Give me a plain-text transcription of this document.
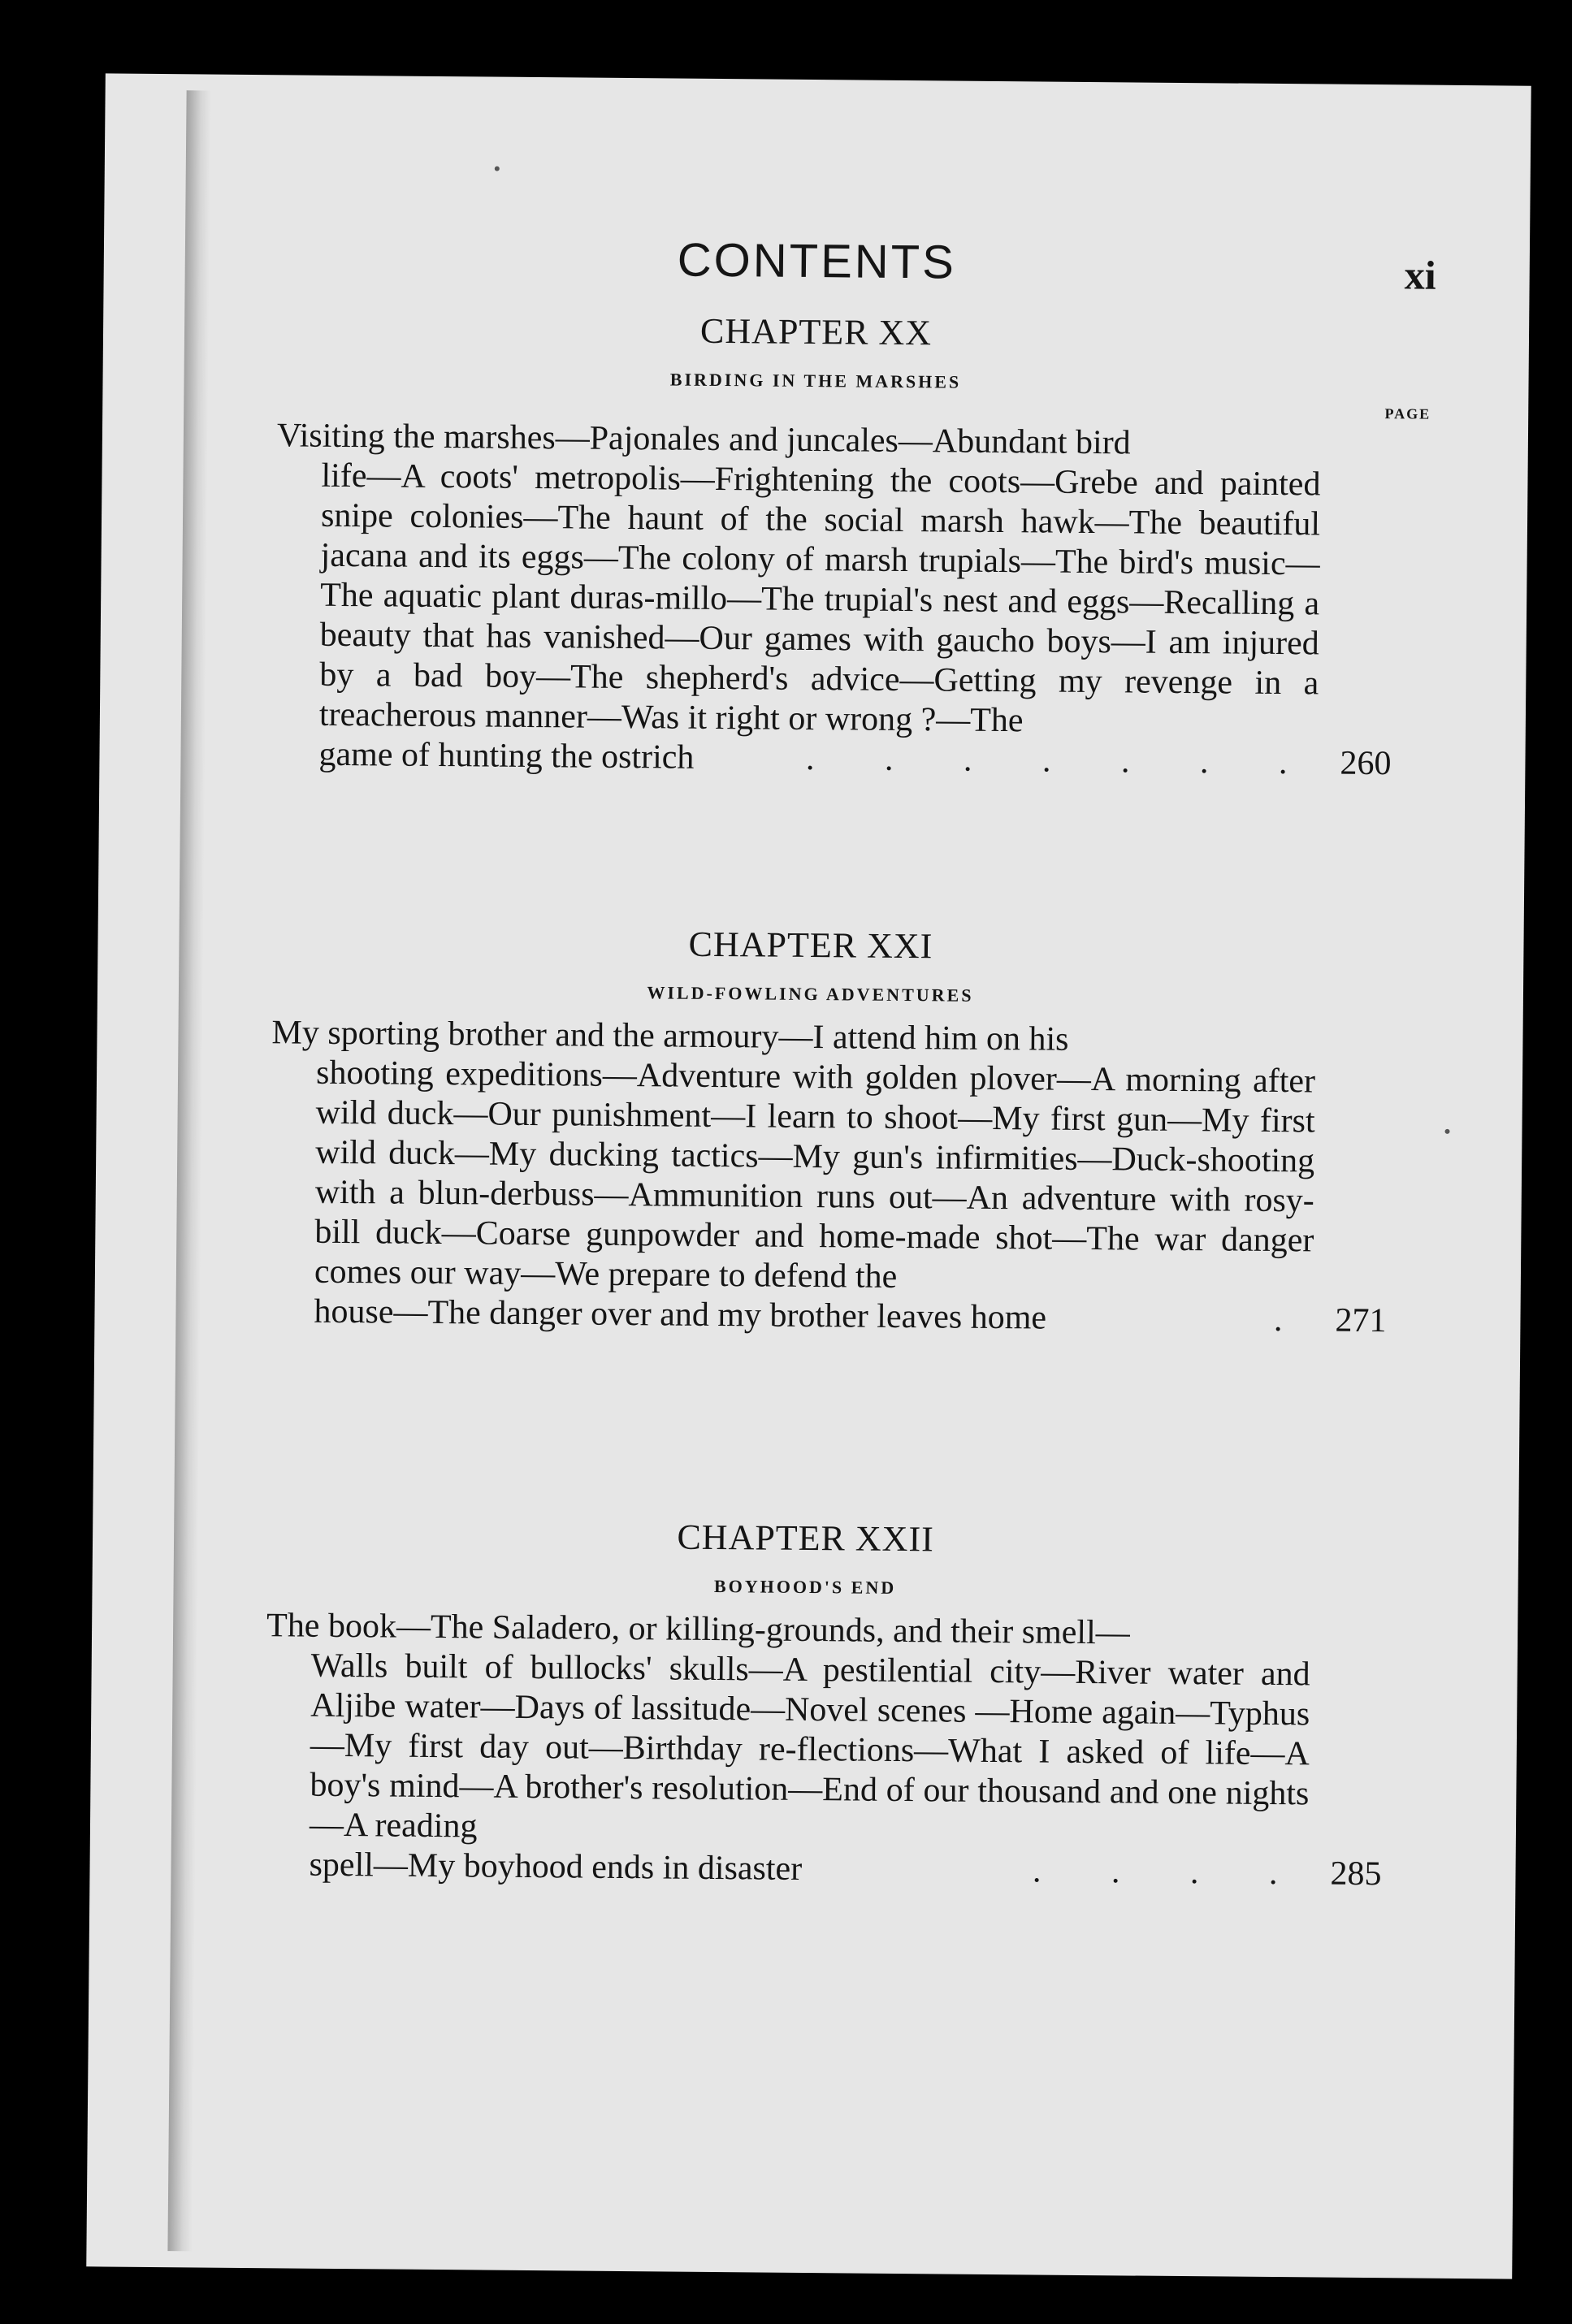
CONTENTS	xi
CHAPTER XX
BIRDING IN THE MARSHES
PAGE
Visiting the marshes—Pajonales and juncales—Abundant bird
life—A coots' metropolis—Frightening the coots—Grebe and painted snipe colonies—The haunt of the social marsh hawk—The beautiful jacana and its eggs—The colony of marsh trupials—The bird's music—The aquatic plant duras-millo—The trupial's nest and eggs—Recalling a beauty that has vanished—Our games with gaucho boys—I am injured by a bad boy—The shepherd's advice—Getting my revenge in a treacherous manner—Was it right or wrong ?—The
game of hunting the ostrich	. . . . . . . 260
CHAPTER XXI
WILD-FOWLING ADVENTURES
My sporting brother and the armoury—I attend him on his
shooting expeditions—Adventure with golden plover—A morning after wild duck—Our punishment—I learn to shoot—My first gun—My first wild duck—My ducking tactics—My gun's infirmities—Duck-shooting with a blun-derbuss—Ammunition runs out—An adventure with rosy-bill duck—Coarse gunpowder and home-made shot—The war danger comes our way—We prepare to defend the
house—The danger over and my brother leaves home	. 271
CHAPTER XXII
BOYHOOD'S END
The book—The Saladero, or killing-grounds, and their smell—
Walls built of bullocks' skulls—A pestilential city—River water and Aljibe water—Days of lassitude—Novel scenes —Home again—Typhus—My first day out—Birthday re-flections—What I asked of life—A boy's mind—A brother's resolution—End of our thousand and one nights—A reading
spell—My boyhood ends in disaster	. . . . 285
